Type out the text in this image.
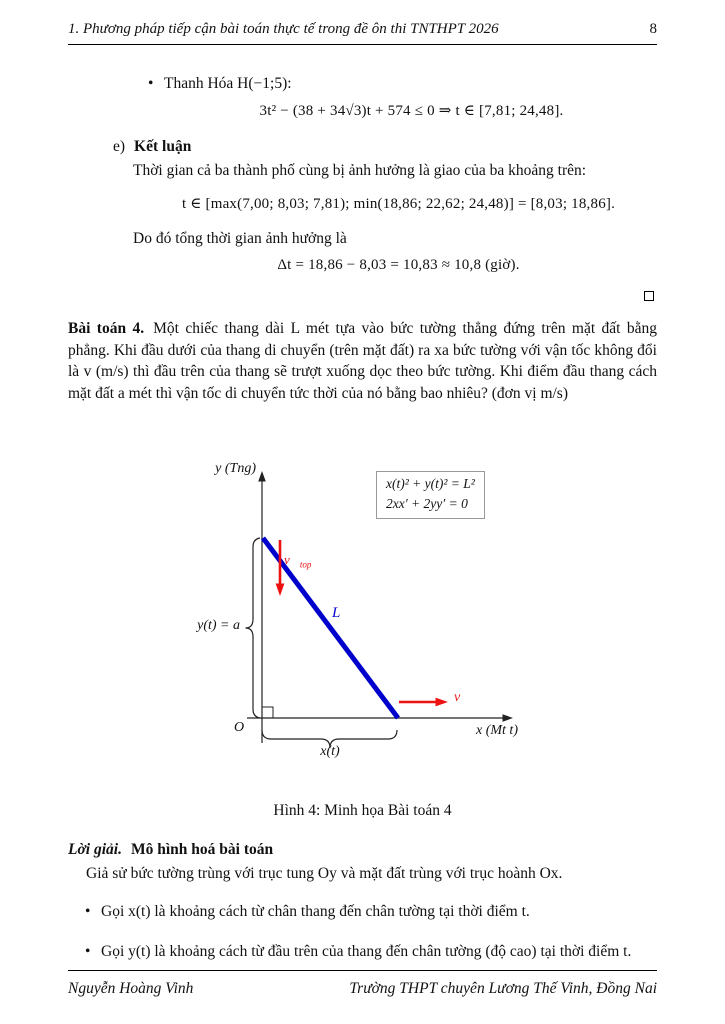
1. Phương pháp tiếp cận bài toán thực tế trong đề ôn thi TNTHPT 2026	8
• Thanh Hóa H(−1;5):
3t² − (38 + 34√3)t + 574 ≤ 0 ⇒ t ∈ [7,81; 24,48].
e) Kết luận
Thời gian cả ba thành phố cùng bị ảnh hưởng là giao của ba khoảng trên:
t ∈ [max(7,00; 8,03; 7,81); min(18,86; 22,62; 24,48)] = [8,03; 18,86].
Do đó tổng thời gian ảnh hưởng là
Δt = 18,86 − 8,03 = 10,83 ≈ 10,8 (giờ).
Bài toán 4. Một chiếc thang dài L mét tựa vào bức tường thẳng đứng trên mặt đất bằng phẳng. Khi đầu dưới của thang di chuyển (trên mặt đất) ra xa bức tường với vận tốc không đổi là v (m/s) thì đầu trên của thang sẽ trượt xuống dọc theo bức tường. Khi điểm đầu thang cách mặt đất a mét thì vận tốc di chuyển tức thời của nó bằng bao nhiêu? (đơn vị m/s)
y (Tng)
x(t)² + y(t)² = L²
2xx′ + 2yy′ = 0
$v⃗_{top}$
L
v⃗
y(t) = a
O	x (Mt t)
x(t)
Hình 4: Minh họa Bài toán 4
Lời giải. Mô hình hoá bài toán
Giả sử bức tường trùng với trục tung Oy và mặt đất trùng với trục hoành Ox.
• Gọi x(t) là khoảng cách từ chân thang đến chân tường tại thời điểm t.
• Gọi y(t) là khoảng cách từ đầu trên của thang đến chân tường (độ cao) tại thời điểm t.
Nguyễn Hoàng Vinh	Trường THPT chuyên Lương Thế Vinh, Đồng Nai
